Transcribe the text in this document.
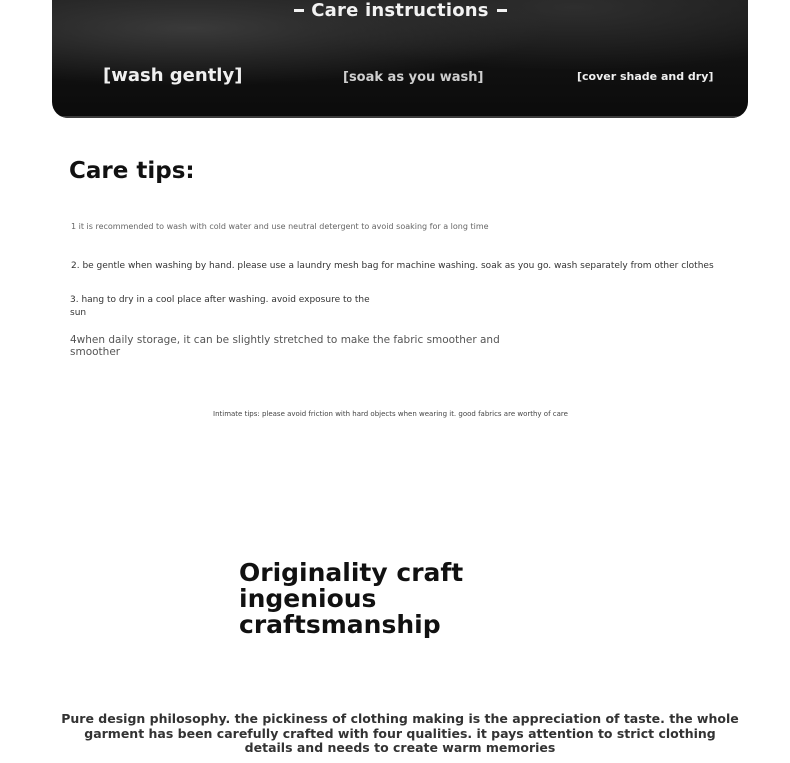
Care instructions
[wash gently]	[soak as you wash]	[cover shade and dry]
Care tips:
1 it is recommended to wash with cold water and use neutral detergent to avoid soaking for a long time
2. be gentle when washing by hand. please use a laundry mesh bag for machine washing. soak as you go. wash separately from other clothes
3. hang to dry in a cool place after washing. avoid exposure to the sun
4when daily storage, it can be slightly stretched to make the fabric smoother and smoother
Intimate tips: please avoid friction with hard objects when wearing it. good fabrics are worthy of care
Originality craft
ingenious
craftsmanship
Pure design philosophy. the pickiness of clothing making is the appreciation of taste. the whole garment has been carefully crafted with four qualities. it pays attention to strict clothing details and needs to create warm memories
